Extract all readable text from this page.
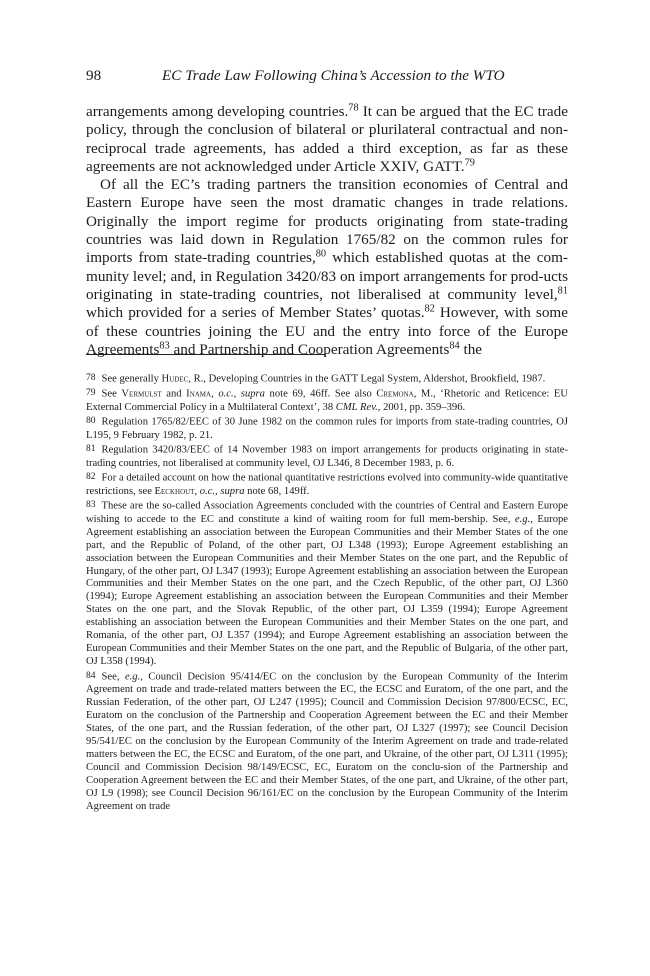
98	EC Trade Law Following China’s Accession to the WTO

arrangements among developing countries.$^{78}$ It can be argued that the EC trade policy, through the conclusion of bilateral or plurilateral contractual and non-reciprocal trade agreements, has added a third exception, as far as these agreements are not acknowledged under Article XXIV, GATT.$^{79}$

Of all the EC’s trading partners the transition economies of Central and Eastern Europe have seen the most dramatic changes in trade relations. Originally the import regime for products originating from state-trading countries was laid down in Regulation 1765/82 on the common rules for imports from state-trading countries,$^{80}$ which established quotas at the com-munity level; and, in Regulation 3420/83 on import arrangements for prod-ucts originating in state-trading countries, not liberalised at community level,$^{81}$ which provided for a series of Member States’ quotas.$^{82}$ However, with some of these countries joining the EU and the entry into force of the Europe Agreements$^{83}$ and Partnership and Cooperation Agreements$^{84}$ the

78 See generally Hudec, R., Developing Countries in the GATT Legal System, Aldershot, Brookfield, 1987.

79 See Vermulst and Inama, o.c., supra note 69, 46ff. See also Cremona, M., ‘Rhetoric and Reticence: EU External Commercial Policy in a Multilateral Context’, 38 CML Rev., 2001, pp. 359–396.

80 Regulation 1765/82/EEC of 30 June 1982 on the common rules for imports from state-trading countries, OJ L195, 9 February 1982, p. 21.

81 Regulation 3420/83/EEC of 14 November 1983 on import arrangements for products originating in state-trading countries, not liberalised at community level, OJ L346, 8 December 1983, p. 6.

82 For a detailed account on how the national quantitative restrictions evolved into community-wide quantitative restrictions, see Eeckhout, o.c., supra note 68, 149ff.

83 These are the so-called Association Agreements concluded with the countries of Central and Eastern Europe wishing to accede to the EC and constitute a kind of waiting room for full mem-bership. See, e.g., Europe Agreement establishing an association between the European Communities and their Member States of the one part, and the Republic of Poland, of the other part, OJ L348 (1993); Europe Agreement establishing an association between the European Communities and their Member States on the one part, and the Republic of Hungary, of the other part, OJ L347 (1993); Europe Agreement establishing an association between the European Communities and their Member States on the one part, and the Czech Republic, of the other part, OJ L360 (1994); Europe Agreement establishing an association between the European Communities and their Member States on the one part, and the Slovak Republic, of the other part, OJ L359 (1994); Europe Agreement establishing an association between the European Communities and their Member States on the one part, and Romania, of the other part, OJ L357 (1994); and Europe Agreement establishing an association between the European Communities and their Member States on the one part, and the Republic of Bulgaria, of the other part, OJ L358 (1994).

84 See, e.g., Council Decision 95/414/EC on the conclusion by the European Community of the Interim Agreement on trade and trade-related matters between the EC, the ECSC and Euratom, of the one part, and the Russian Federation, of the other part, OJ L247 (1995); Council and Commission Decision 97/800/ECSC, EC, Euratom on the conclusion of the Partnership and Cooperation Agreement between the EC and their Member States, of the one part, and the Russian federation, of the other part, OJ L327 (1997); see Council Decision 95/541/EC on the conclusion by the European Community of the Interim Agreement on trade and trade-related matters between the EC, the ECSC and Euratom, of the one part, and Ukraine, of the other part, OJ L311 (1995); Council and Commission Decision 98/149/ECSC, EC, Euratom on the conclu-sion of the Partnership and Cooperation Agreement between the EC and their Member States, of the one part, and Ukraine, of the other part, OJ L9 (1998); see Council Decision 96/161/EC on the conclusion by the European Community of the Interim Agreement on trade
